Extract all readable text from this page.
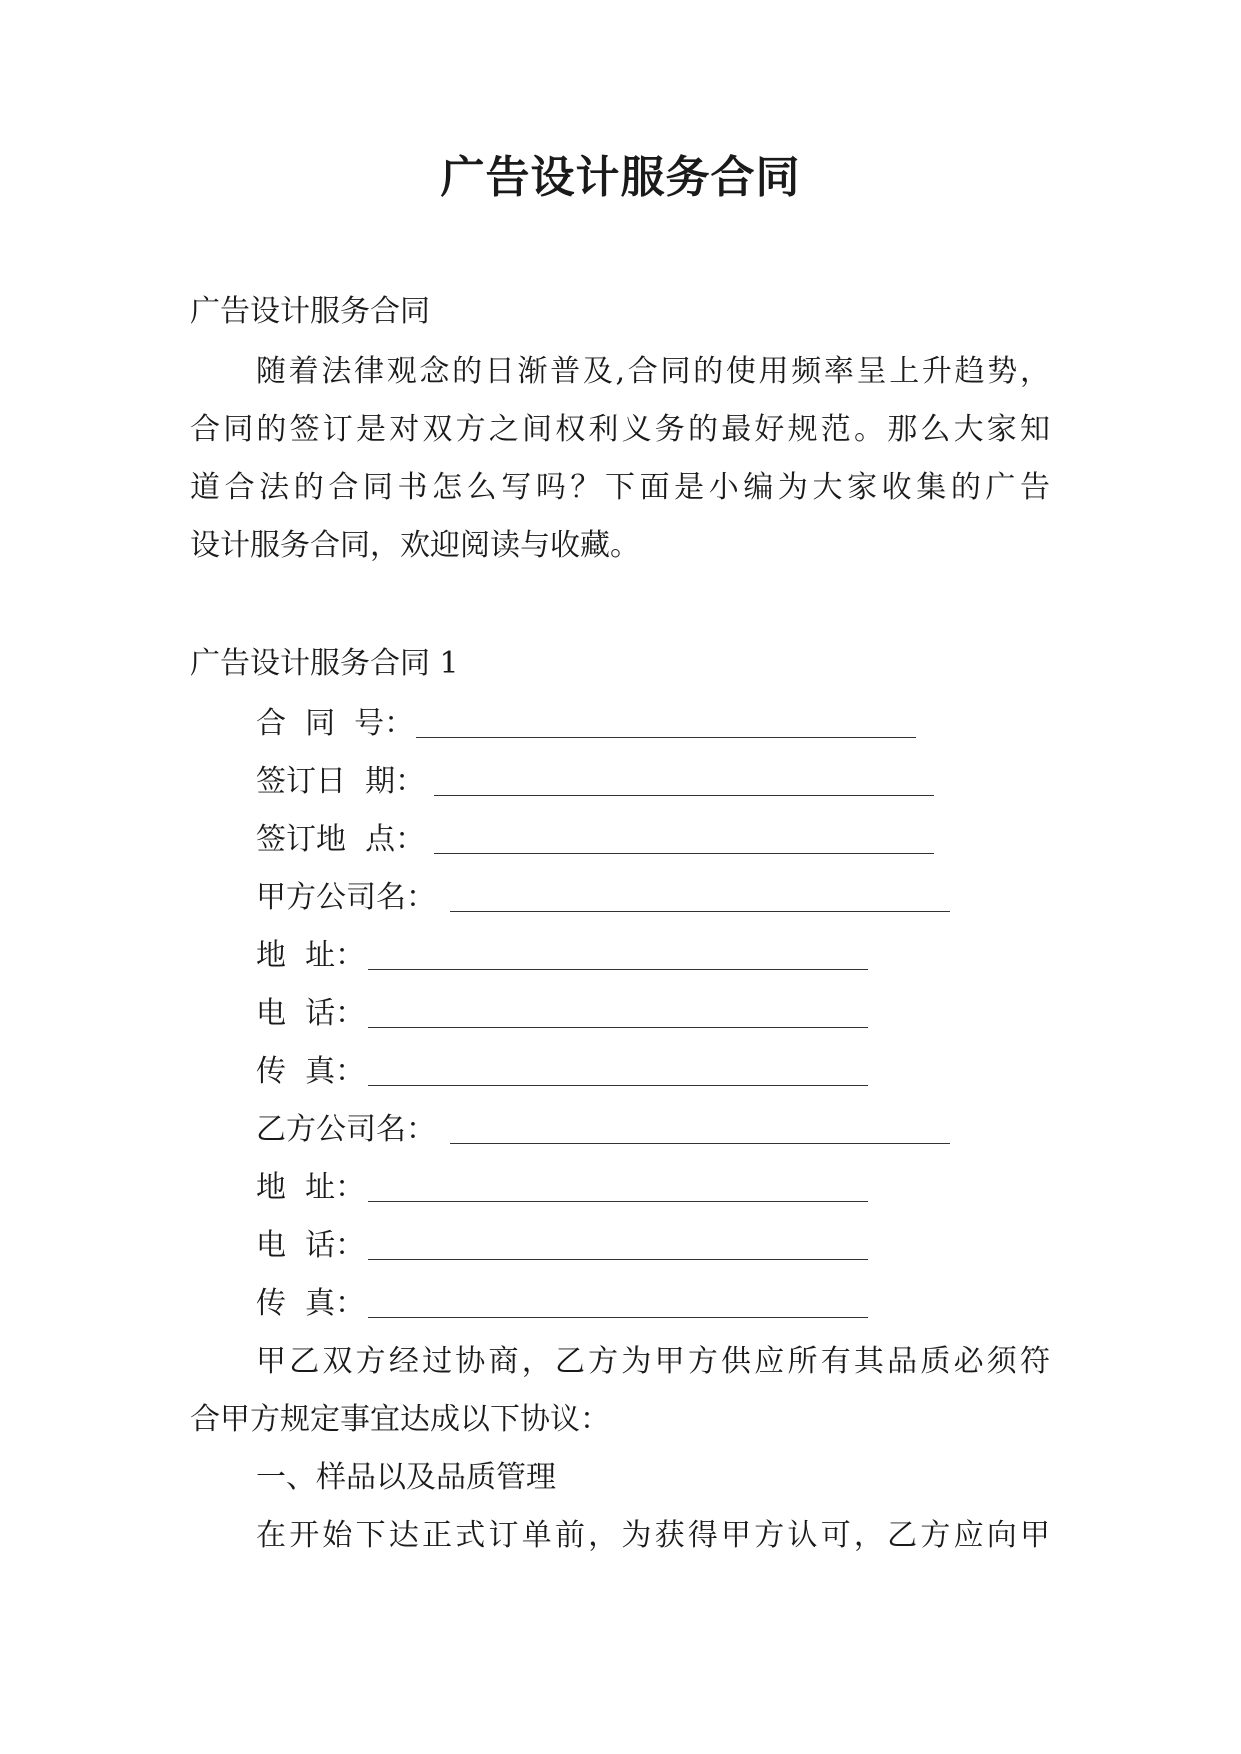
广告设计服务合同
广告设计服务合同
随着法律观念的日渐普及,合同的使用频率呈上升趋势，
合同的签订是对双方之间权利义务的最好规范。那么大家知
道合法的合同书怎么写吗？下面是小编为大家收集的广告
设计服务合同，欢迎阅读与收藏。
广告设计服务合同 1
合  同  号：
签订日  期：
签订地  点：
甲方公司名：
地  址：
电  话：
传  真：
乙方公司名：
地  址：
电  话：
传  真：
甲乙双方经过协商，乙方为甲方供应所有其品质必须符
合甲方规定事宜达成以下协议：
一、样品以及品质管理
在开始下达正式订单前，为获得甲方认可，乙方应向甲
